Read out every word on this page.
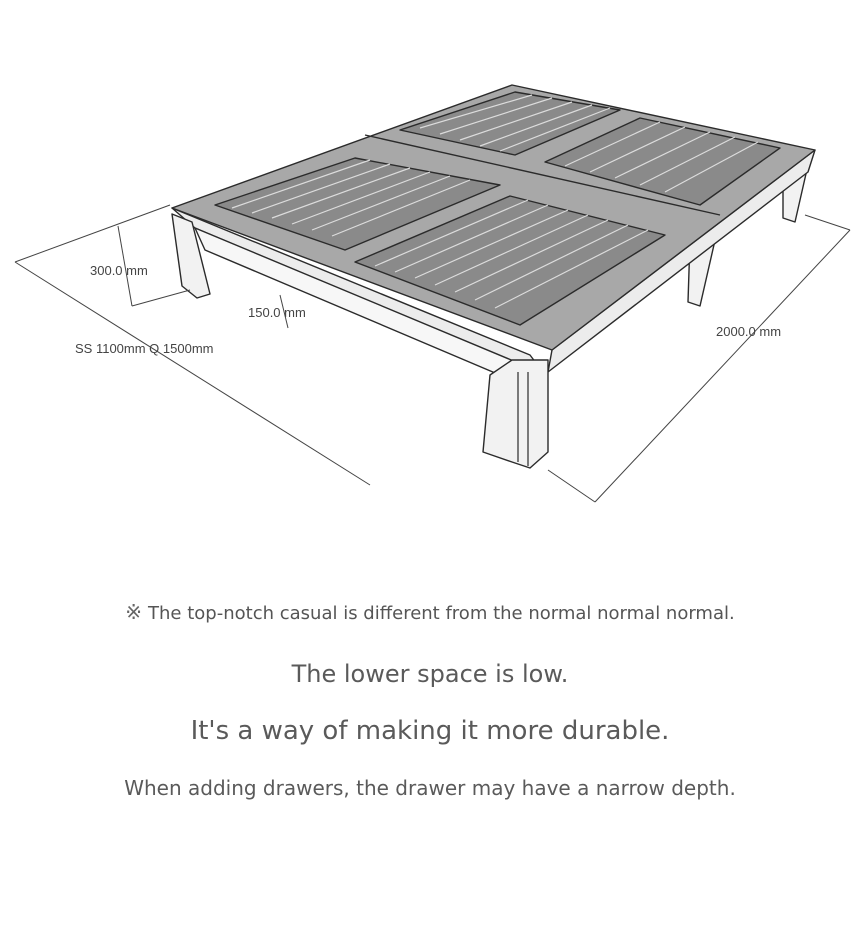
300.0 mm
150.0 mm
SS 1100mm Q 1500mm
2000.0 mm
※ The top-notch casual is different from the normal normal normal.
The lower space is low.
It's a way of making it more durable.
When adding drawers, the drawer may have a narrow depth.
